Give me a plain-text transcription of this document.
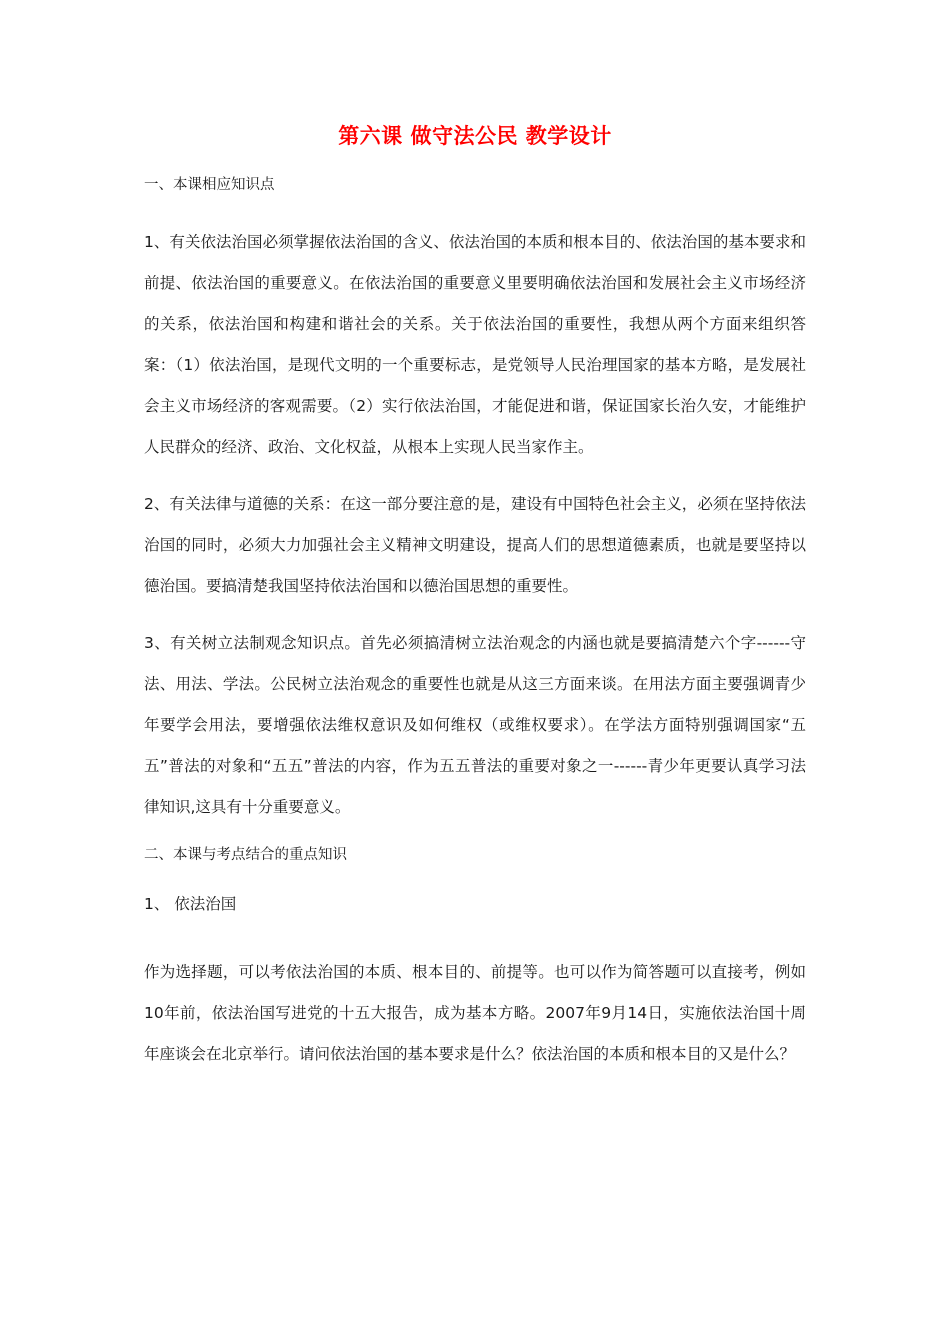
第六课 做守法公民 教学设计
一、本课相应知识点

1、有关依法治国必须掌握依法治国的含义、依法治国的本质和根本目的、依法治国的基本要求和前提、依法治国的重要意义。在依法治国的重要意义里要明确依法治国和发展社会主义市场经济的关系，依法治国和构建和谐社会的关系。关于依法治国的重要性，我想从两个方面来组织答案：（1）依法治国，是现代文明的一个重要标志，是党领导人民治理国家的基本方略，是发展社会主义市场经济的客观需要。（2）实行依法治国，才能促进和谐，保证国家长治久安，才能维护人民群众的经济、政治、文化权益，从根本上实现人民当家作主。

2、有关法律与道德的关系：在这一部分要注意的是，建设有中国特色社会主义，必须在坚持依法治国的同时，必须大力加强社会主义精神文明建设，提高人们的思想道德素质，也就是要坚持以德治国。要搞清楚我国坚持依法治国和以德治国思想的重要性。

3、有关树立法制观念知识点。首先必须搞清树立法治观念的内涵也就是要搞清楚六个字------守法、用法、学法。公民树立法治观念的重要性也就是从这三方面来谈。在用法方面主要强调青少年要学会用法，要增强依法维权意识及如何维权（或维权要求）。在学法方面特别强调国家“五五”普法的对象和“五五”普法的内容，作为五五普法的重要对象之一------青少年更要认真学习法律知识,这具有十分重要意义。

二、本课与考点结合的重点知识
1、 依法治国

作为选择题，可以考依法治国的本质、根本目的、前提等。也可以作为简答题可以直接考，例如10年前，依法治国写进党的十五大报告，成为基本方略。2007年9月14日，实施依法治国十周年座谈会在北京举行。请问依法治国的基本要求是什么？依法治国的本质和根本目的又是什么？
